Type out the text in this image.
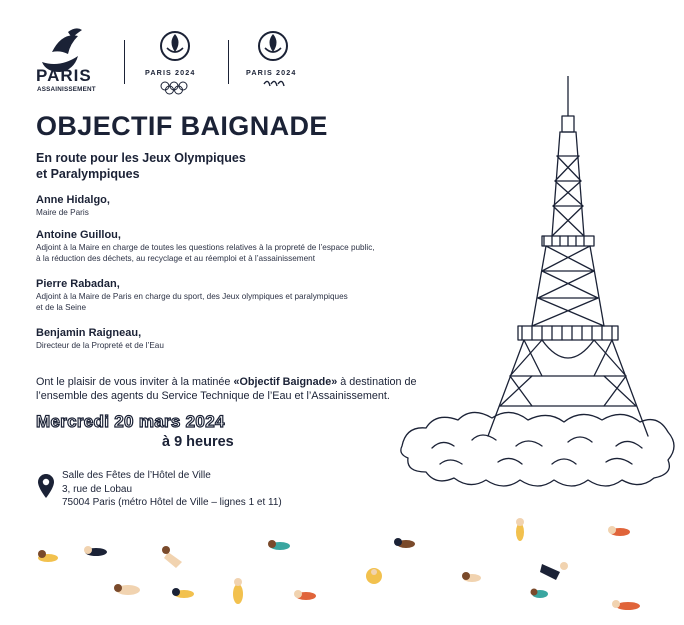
PARIS
ASSAINISSEMENT
PARIS 2024	PARIS 2024
OBJECTIF BAIGNADE
En route pour les Jeux Olympiques
et Paralympiques
Anne Hidalgo,
Maire de Paris
Antoine Guillou,
Adjoint à la Maire en charge de toutes les questions relatives à la propreté de l’espace public,
à la réduction des déchets, au recyclage et au réemploi et à l’assainissement
Pierre Rabadan,
Adjoint à la Maire de Paris en charge du sport, des Jeux olympiques et paralympiques
et de la Seine
Benjamin Raigneau,
Directeur de la Propreté et de l’Eau
Ont le plaisir de vous inviter à la matinée «Objectif Baignade» à destination de
l’ensemble des agents du Service Technique de l’Eau et l’Assainissement.
Mercredi 20 mars 2024
à 9 heures
Salle des Fêtes de l’Hôtel de Ville
3, rue de Lobau
75004 Paris (métro Hôtel de Ville – lignes 1 et 11)
